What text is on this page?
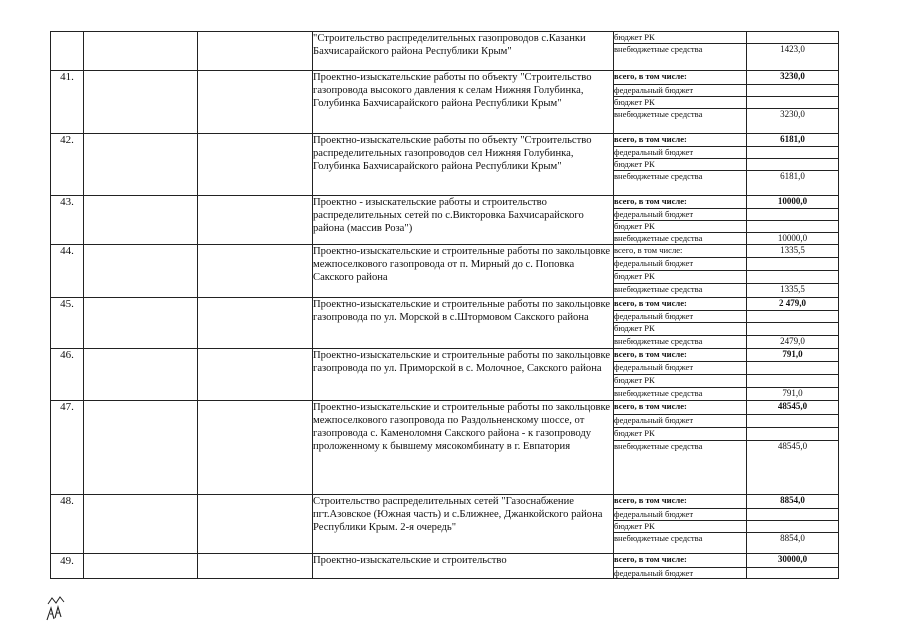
			"Строительство распределительных газопроводов с.Казанки Бахчисарайского района Республики Крым"	бюджет РК	
				внебюджетные средства	1423,0
41.			Проектно-изыскательские работы по объекту "Строительство газопровода высокого давления к селам Нижняя Голубинка, Голубинка Бахчисарайского района Республики Крым"	всего, в том числе:	3230,0
				федеральный бюджет	
				бюджет РК	
				внебюджетные средства	3230,0
42.			Проектно-изыскательские работы по объекту "Строительство распределительных газопроводов сел Нижняя Голубинка, Голубинка Бахчисарайского района Республики Крым"	всего, в том числе:	6181,0
				федеральный бюджет	
				бюджет РК	
				внебюджетные средства	6181,0
43.			Проектно - изыскательские работы и строительство распределительных сетей по с.Викторовка Бахчисарайского района (массив Роза")	всего, в том числе:	10000,0
				федеральный бюджет	
				бюджет РК	
				внебюджетные средства	10000,0
44.			Проектно-изыскательские и строительные работы по закольцовке межпоселкового газопровода от п. Мирный до с. Поповка Сакского района	всего, в том числе:	1335,5
				федеральный бюджет	
				бюджет РК	
				внебюджетные средства	1335,5
45.			Проектно-изыскательские и строительные работы по закольцовке газопровода по ул. Морской в с.Штормовом Сакского района	всего, в том числе:	2 479,0
				федеральный бюджет	
				бюджет РК	
				внебюджетные средства	2479,0
46.			Проектно-изыскательские и строительные работы по закольцовке газопровода по ул. Приморской в с. Молочное, Сакского района	всего, в том числе:	791,0
				федеральный бюджет	
				бюджет РК	
				внебюджетные средства	791,0
47.			Проектно-изыскательские и строительные работы по закольцовке межпоселкового газопровода по Раздольненскому шоссе, от газопровода с. Каменоломня Сакского района - к газопроводу проложенному к бывшему мясокомбинату в г. Евпатория	всего, в том числе:	48545,0
				федеральный бюджет	
				бюджет РК	
				внебюджетные средства	48545,0
48.			Строительство распределительных сетей "Газоснабжение пгт.Азовское (Южная часть) и с.Ближнее, Джанкойского района Республики Крым. 2-я очередь"	всего, в том числе:	8854,0
				федеральный бюджет	
				бюджет РК	
				внебюджетные средства	8854,0
49.			Проектно-изыскательские и строительство	всего, в том числе:	30000,0
				федеральный бюджет	
